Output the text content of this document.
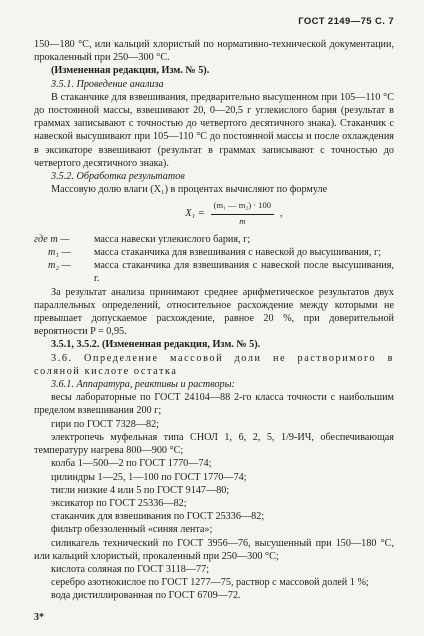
ГОСТ 2149—75 С. 7

150—180 °С, или кальций хлористый по нормативно-технической документации, прокаленный при 250—300 °С.

(Измененная редакция, Изм. № 5).

3.5.1. Проведение анализа

В стаканчике для взвешивания, предварительно высушенном при 105—110 °С до постоянной массы, взвешивают 20, 0—20,5 г углекислого бария (результат в граммах записывают с точностью до четвертого десятичного знака). Стаканчик с навеской высушивают при 105—110 °С до постоянной массы и после охлаждения в эксикаторе взвешивают (результат в граммах записывают с точностью до четвертого десятичного знака).

3.5.2. Обработка результатов

Массовую долю влаги (X₁) в процентах вычисляют по формуле

$X_1 = \frac{\text{(m₁ — m₂) · 100}}{m}$ ,
где m —	масса навески углекислого бария, г;
m₁ —	масса стаканчика для взвешивания с навеской до высушивания, г;
m₂ —	масса стаканчика для взвешивания с навеской после высушивания, г.

За результат анализа принимают среднее арифметическое результатов двух параллельных определений, относительное расхождение между которыми не превышает допускаемое расхождение, равное 20 %, при доверительной вероятности P = 0,95.

3.5.1, 3.5.2. (Измененная редакция, Изм. № 5).

3.6. Определение массовой доли не растворимого в соляной кислоте остатка

3.6.1. Аппаратура, реактивы и растворы:

весы лабораторные по ГОСТ 24104—88 2-го класса точности с наибольшим пределом взвешивания 200 г;

гири по ГОСТ 7328—82;

электропечь муфельная типа СНОЛ 1, 6, 2, 5, 1/9-ИЧ, обеспечивающая температуру нагрева 800—900 °С;

колба 1—500—2 по ГОСТ 1770—74;

цилиндры 1—25, 1—100 по ГОСТ 1770—74;

тигли низкие 4 или 5 по ГОСТ 9147—80;

эксикатор по ГОСТ 25336—82;

стаканчик для взвешивания по ГОСТ 25336—82;

фильтр обеззоленный «синяя лента»;

силикагель технический по ГОСТ 3956—76, высушенный при 150—180 °С, или кальций хлористый, прокаленный при 250—300 °С;

кислота соляная по ГОСТ 3118—77;

серебро азотнокислое по ГОСТ 1277—75, раствор с массовой долей 1 %;

вода дистиллированная по ГОСТ 6709—72.

3*
